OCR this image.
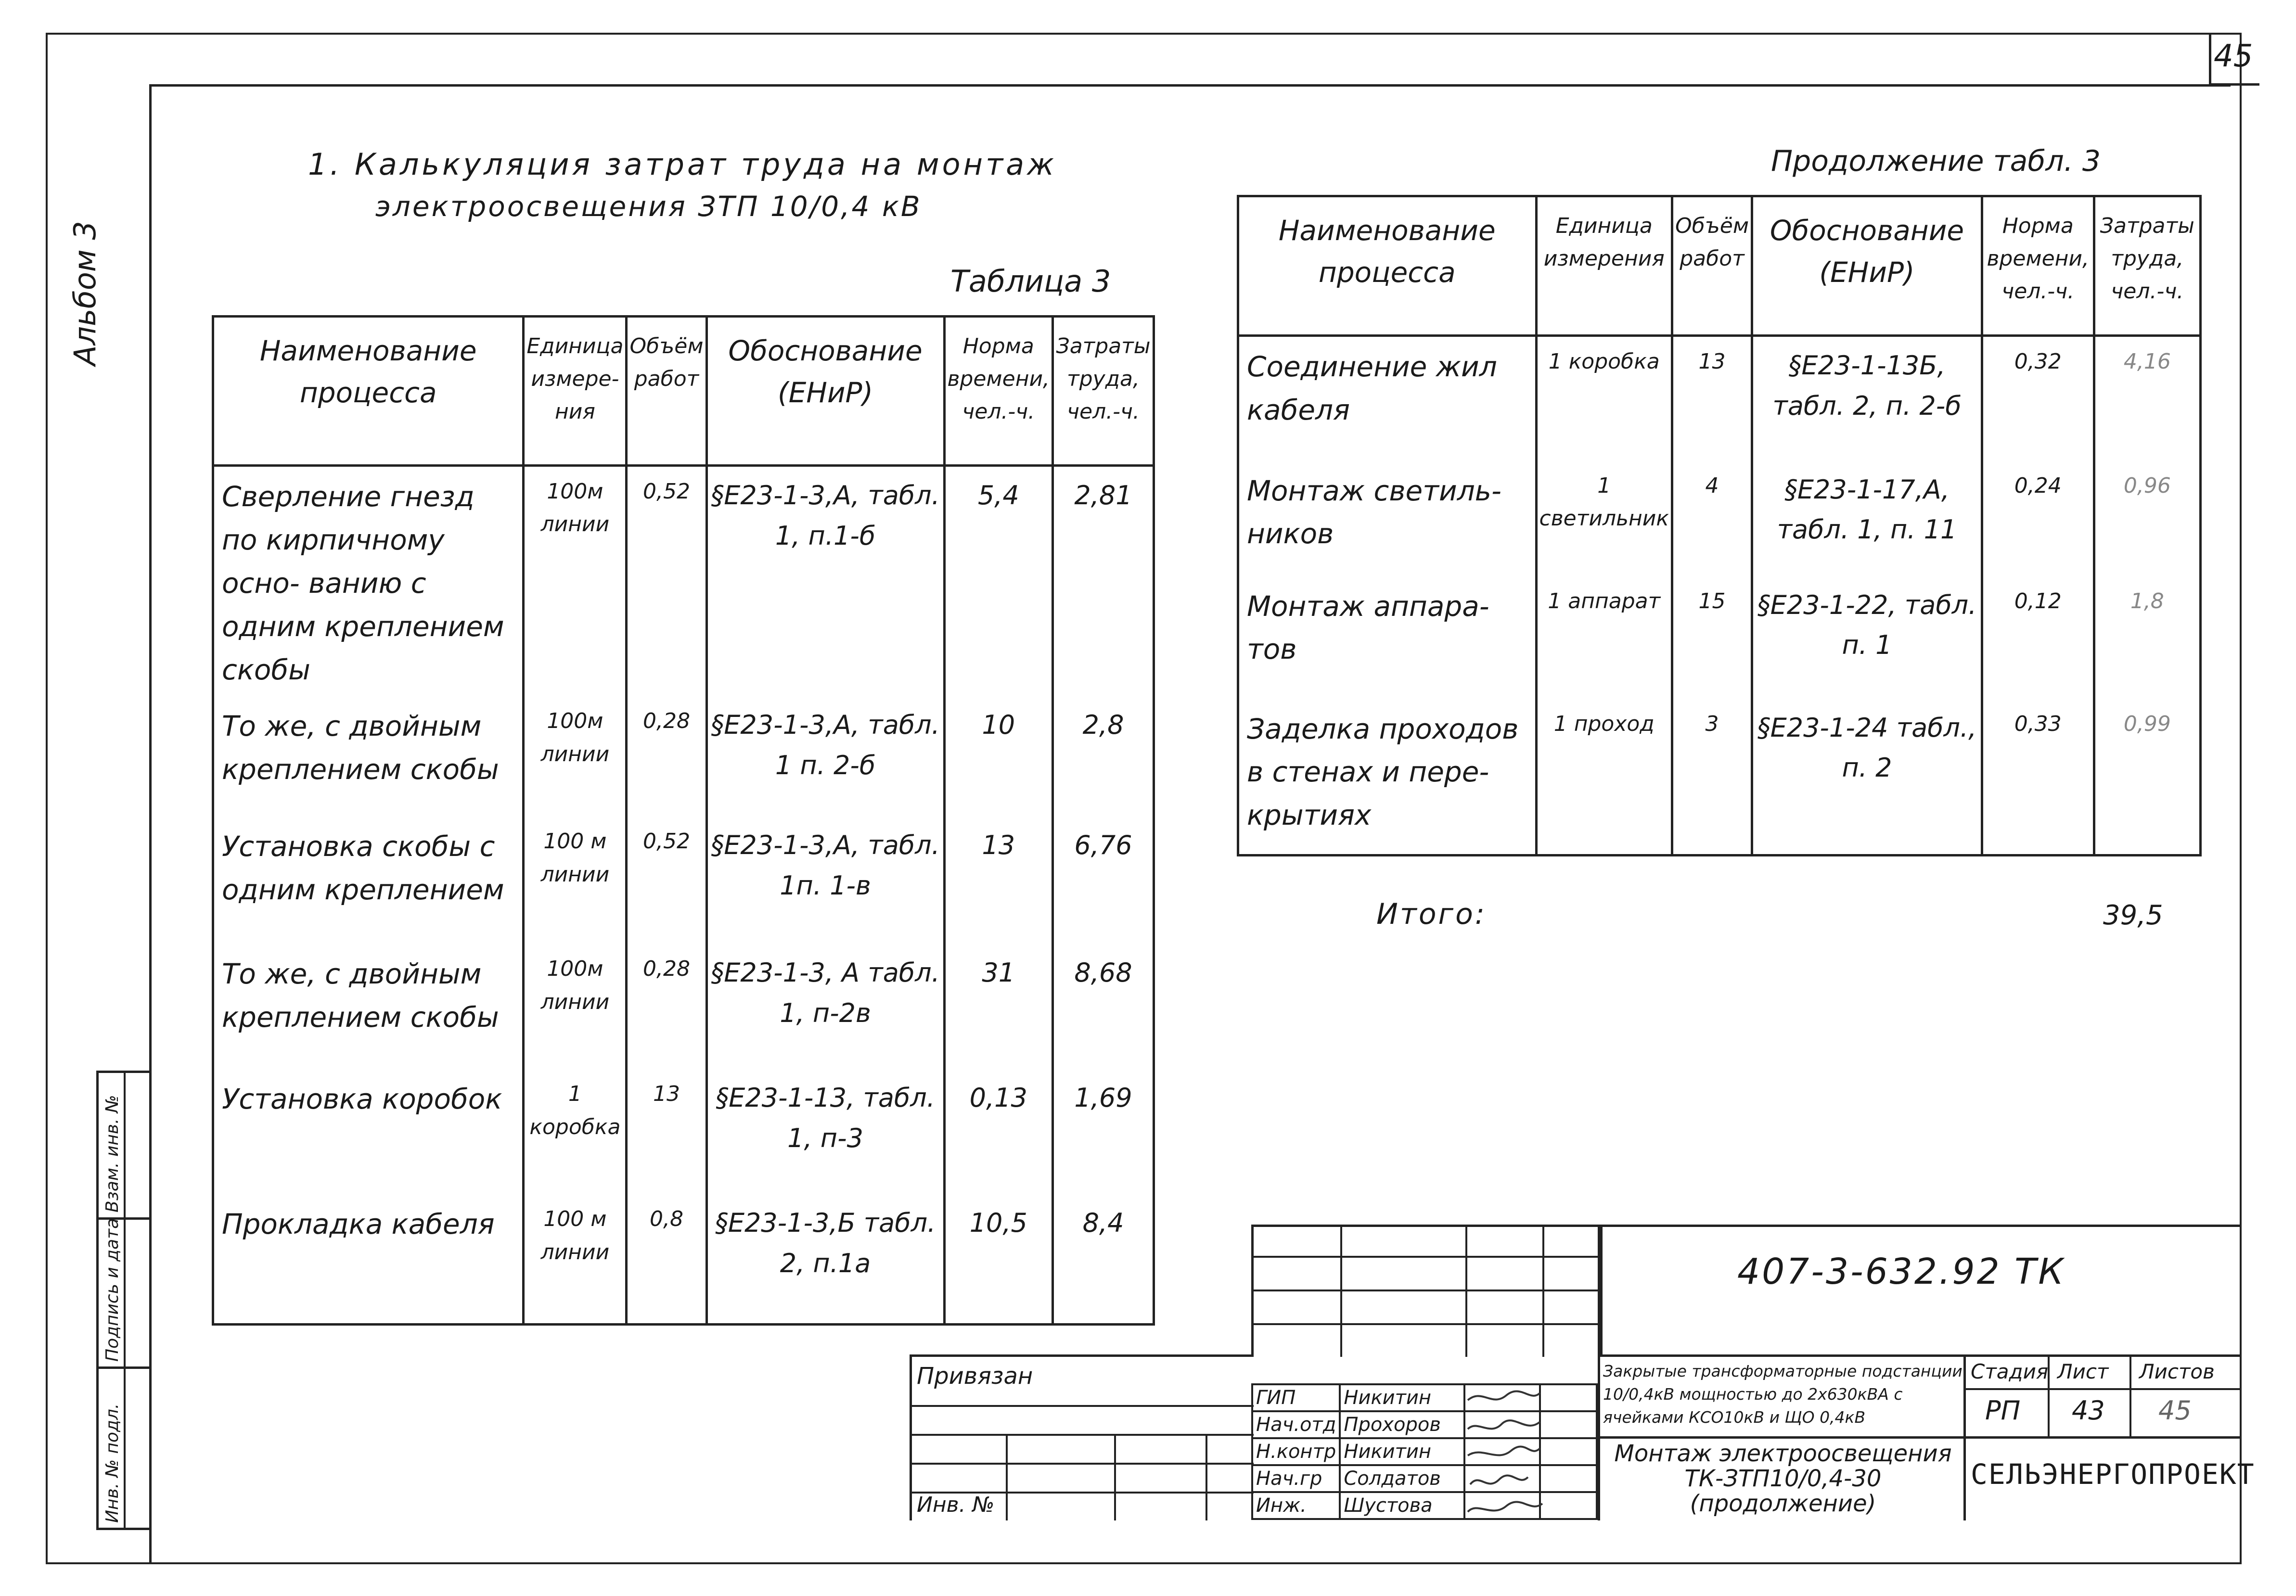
45
Альбом 3
1. Калькуляция затрат труда на монтаж
электроосвещения ЗТП 10/0,4 кВ
Таблица 3
Продолжение табл. 3
Наименование процесса	Единица измере- ния	Объём работ	Обоснование (ЕНиР)	Норма времени, чел.-ч.	Затраты труда, чел.-ч.

Сверление гнезд по кирпичному осно- ванию с одним креплением скобы	100м линии	0,52	§Е23-1-3,А, табл. 1, п.1-б	5,4	2,81

То же, с двойным креплением скобы	100м линии	0,28	§Е23-1-3,А, табл. 1 п. 2-б	10	2,8

Установка скобы с одним креплением	100 м линии	0,52	§Е23-1-3,А, табл. 1п. 1-в	13	6,76

То же, с двойным креплением скобы	100м линии	0,28	§Е23-1-3, А табл. 1, п-2в	31	8,68

Установка коробок	1 коробка	13	§Е23-1-13, табл. 1, п-3	0,13	1,69

Прокладка кабеля	100 м линии	0,8	§Е23-1-3,Б табл. 2, п.1а	10,5	8,4
Наименование процесса	Единица измерения	Объём работ	Обоснование (ЕНиР)	Норма времени, чел.-ч.	Затраты труда, чел.-ч.

Соединение жил кабеля	1 коробка	13	§Е23-1-13Б, табл. 2, п. 2-б	0,32	4,16

Монтаж светиль- ников	1 светильник	4	§Е23-1-17,А, табл. 1, п. 11	0,24	0,96

Монтаж аппара- тов	1 аппарат	15	§Е23-1-22, табл. п. 1	0,12	1,8

Заделка проходов в стенах и пере- крытиях	1 проход	3	§Е23-1-24 табл., п. 2	0,33	0,99
Итого:	39,5
Взам. инв. №
Подпись и дата
Инв. № подл.
407-3-632.92 ТК
Привязан
Инв. №
ГИП	Никитин		
Нач.отд	Прохоров		
Н.контр	Никитин		
Нач.гр	Солдатов		
Инж.	Шустова		
Закрытые трансформаторные подстанции 10/0,4кВ мощностью до 2х630кВА с ячейками КСО10кВ и ЩО 0,4кВ
Монтаж электроосвещения ТК-ЗТП10/0,4-30 (продолжение)
Стадия Лист Листов
РП 43 45
СЕЛЬЭНЕРГОПРОЕКТ
